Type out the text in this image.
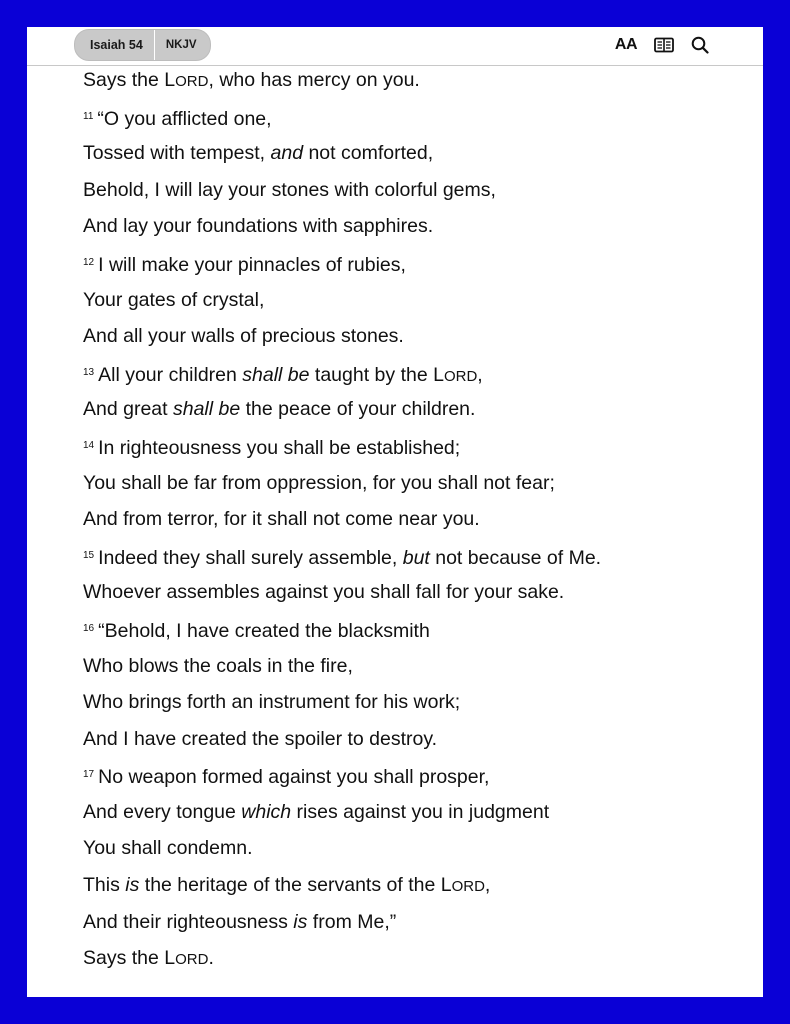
Isaiah 54	NKJV	AA
Says the LORD, who has mercy on you.
$^{11}$ “O you afflicted one,
Tossed with tempest, and not comforted,
Behold, I will lay your stones with colorful gems,
And lay your foundations with sapphires.
$^{12}$ I will make your pinnacles of rubies,
Your gates of crystal,
And all your walls of precious stones.
$^{13}$ All your children shall be taught by the LORD,
And great shall be the peace of your children.
$^{14}$ In righteousness you shall be established;
You shall be far from oppression, for you shall not fear;
And from terror, for it shall not come near you.
$^{15}$ Indeed they shall surely assemble, but not because of Me.
Whoever assembles against you shall fall for your sake.
$^{16}$ “Behold, I have created the blacksmith
Who blows the coals in the fire,
Who brings forth an instrument for his work;
And I have created the spoiler to destroy.
$^{17}$ No weapon formed against you shall prosper,
And every tongue which rises against you in judgment
You shall condemn.
This is the heritage of the servants of the LORD,
And their righteousness is from Me,”
Says the LORD.
